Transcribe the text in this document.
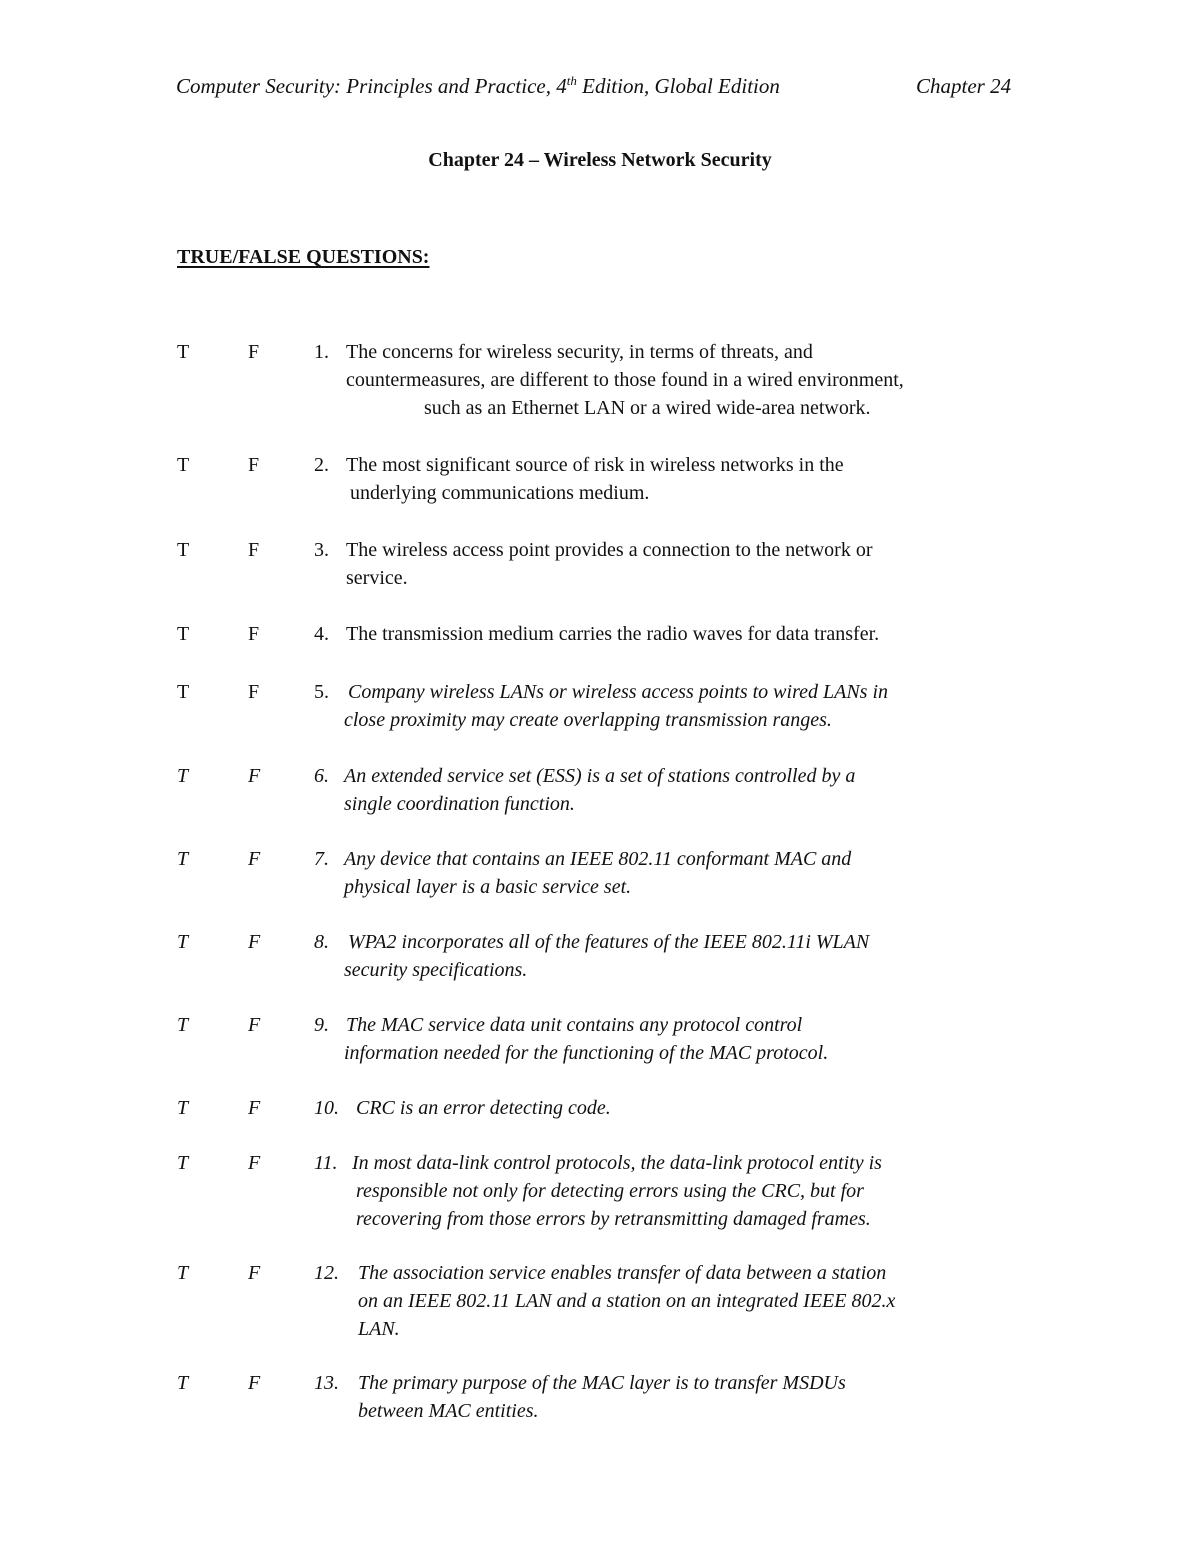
Computer Security: Principles and Practice, 4th Edition, Global Edition	Chapter 24
Chapter 24 – Wireless Network Security
TRUE/FALSE QUESTIONS:
T	F	1. The concerns for wireless security, in terms of threats, and
countermeasures, are different to those found in a wired environment,
such as an Ethernet LAN or a wired wide-area network.
T	F	2. The most significant source of risk in wireless networks in the
underlying communications medium.
T	F	3. The wireless access point provides a connection to the network or
service.
T	F	4. The transmission medium carries the radio waves for data transfer.
T	F	5. Company wireless LANs or wireless access points to wired LANs in
close proximity may create overlapping transmission ranges.
T	F	6. An extended service set (ESS) is a set of stations controlled by a
single coordination function.
T	F	7. Any device that contains an IEEE 802.11 conformant MAC and
physical layer is a basic service set.
T	F	8. WPA2 incorporates all of the features of the IEEE 802.11i WLAN
security specifications.
T	F	9. The MAC service data unit contains any protocol control
information needed for the functioning of the MAC protocol.
T	F	10. CRC is an error detecting code.
T	F	11. In most data-link control protocols, the data-link protocol entity is
responsible not only for detecting errors using the CRC, but for
recovering from those errors by retransmitting damaged frames.
T	F	12. The association service enables transfer of data between a station
on an IEEE 802.11 LAN and a station on an integrated IEEE 802.x
LAN.
T	F	13. The primary purpose of the MAC layer is to transfer MSDUs
between MAC entities.
